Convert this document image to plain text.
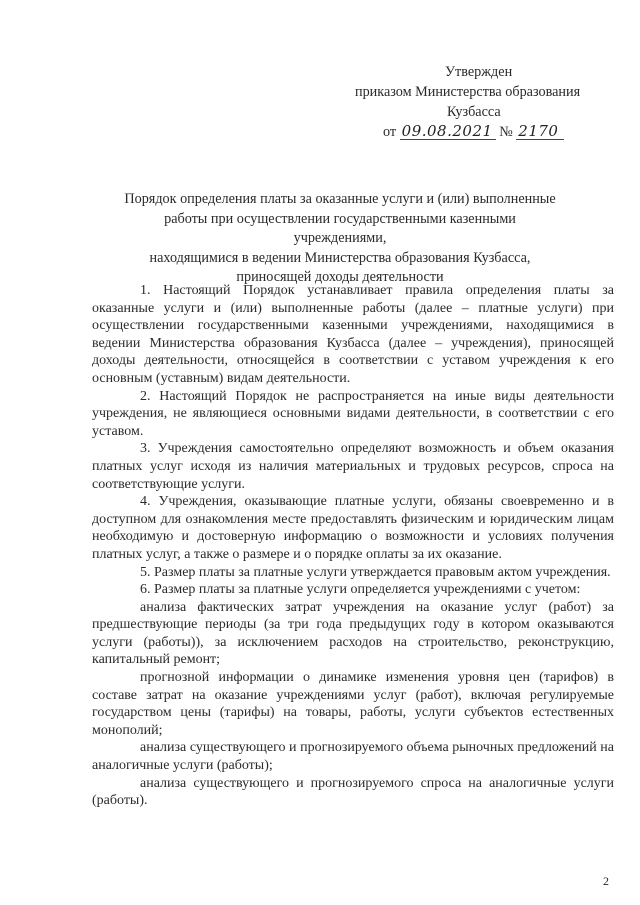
Утвержден
приказом Министерства образования
Кузбасса
от 09.08.2021 № 2170
Порядок определения платы за оказанные услуги и (или) выполненные
работы при осуществлении государственными казенными учреждениями,
находящимися в ведении Министерства образования Кузбасса,
приносящей доходы деятельности

1. Настоящий Порядок устанавливает правила определения платы за оказанные услуги и (или) выполненные работы (далее – платные услуги) при осуществлении государственными казенными учреждениями, находящимися в ведении Министерства образования Кузбасса (далее – учреждения), приносящей доходы деятельности, относящейся в соответствии с уставом учреждения к его основным (уставным) видам деятельности.

2. Настоящий Порядок не распространяется на иные виды деятельности учреждения, не являющиеся основными видами деятельности, в соответствии с его уставом.

3. Учреждения самостоятельно определяют возможность и объем оказания платных услуг исходя из наличия материальных и трудовых ресурсов, спроса на соответствующие услуги.

4. Учреждения, оказывающие платные услуги, обязаны своевременно и в доступном для ознакомления месте предоставлять физическим и юридическим лицам необходимую и достоверную информацию о возможности и условиях получения платных услуг, а также о размере и о порядке оплаты за их оказание.

5. Размер платы за платные услуги утверждается правовым актом учреждения.

6. Размер платы за платные услуги определяется учреждениями с учетом:

анализа фактических затрат учреждения на оказание услуг (работ) за предшествующие периоды (за три года предыдущих году в котором оказываются услуги (работы)), за исключением расходов на строительство, реконструкцию, капитальный ремонт;

прогнозной информации о динамике изменения уровня цен (тарифов) в составе затрат на оказание учреждениями услуг (работ), включая регулируемые государством цены (тарифы) на товары, работы, услуги субъектов естественных монополий;

анализа существующего и прогнозируемого объема рыночных предложений на аналогичные услуги (работы);

анализа существующего и прогнозируемого спроса на аналогичные услуги (работы).

2
